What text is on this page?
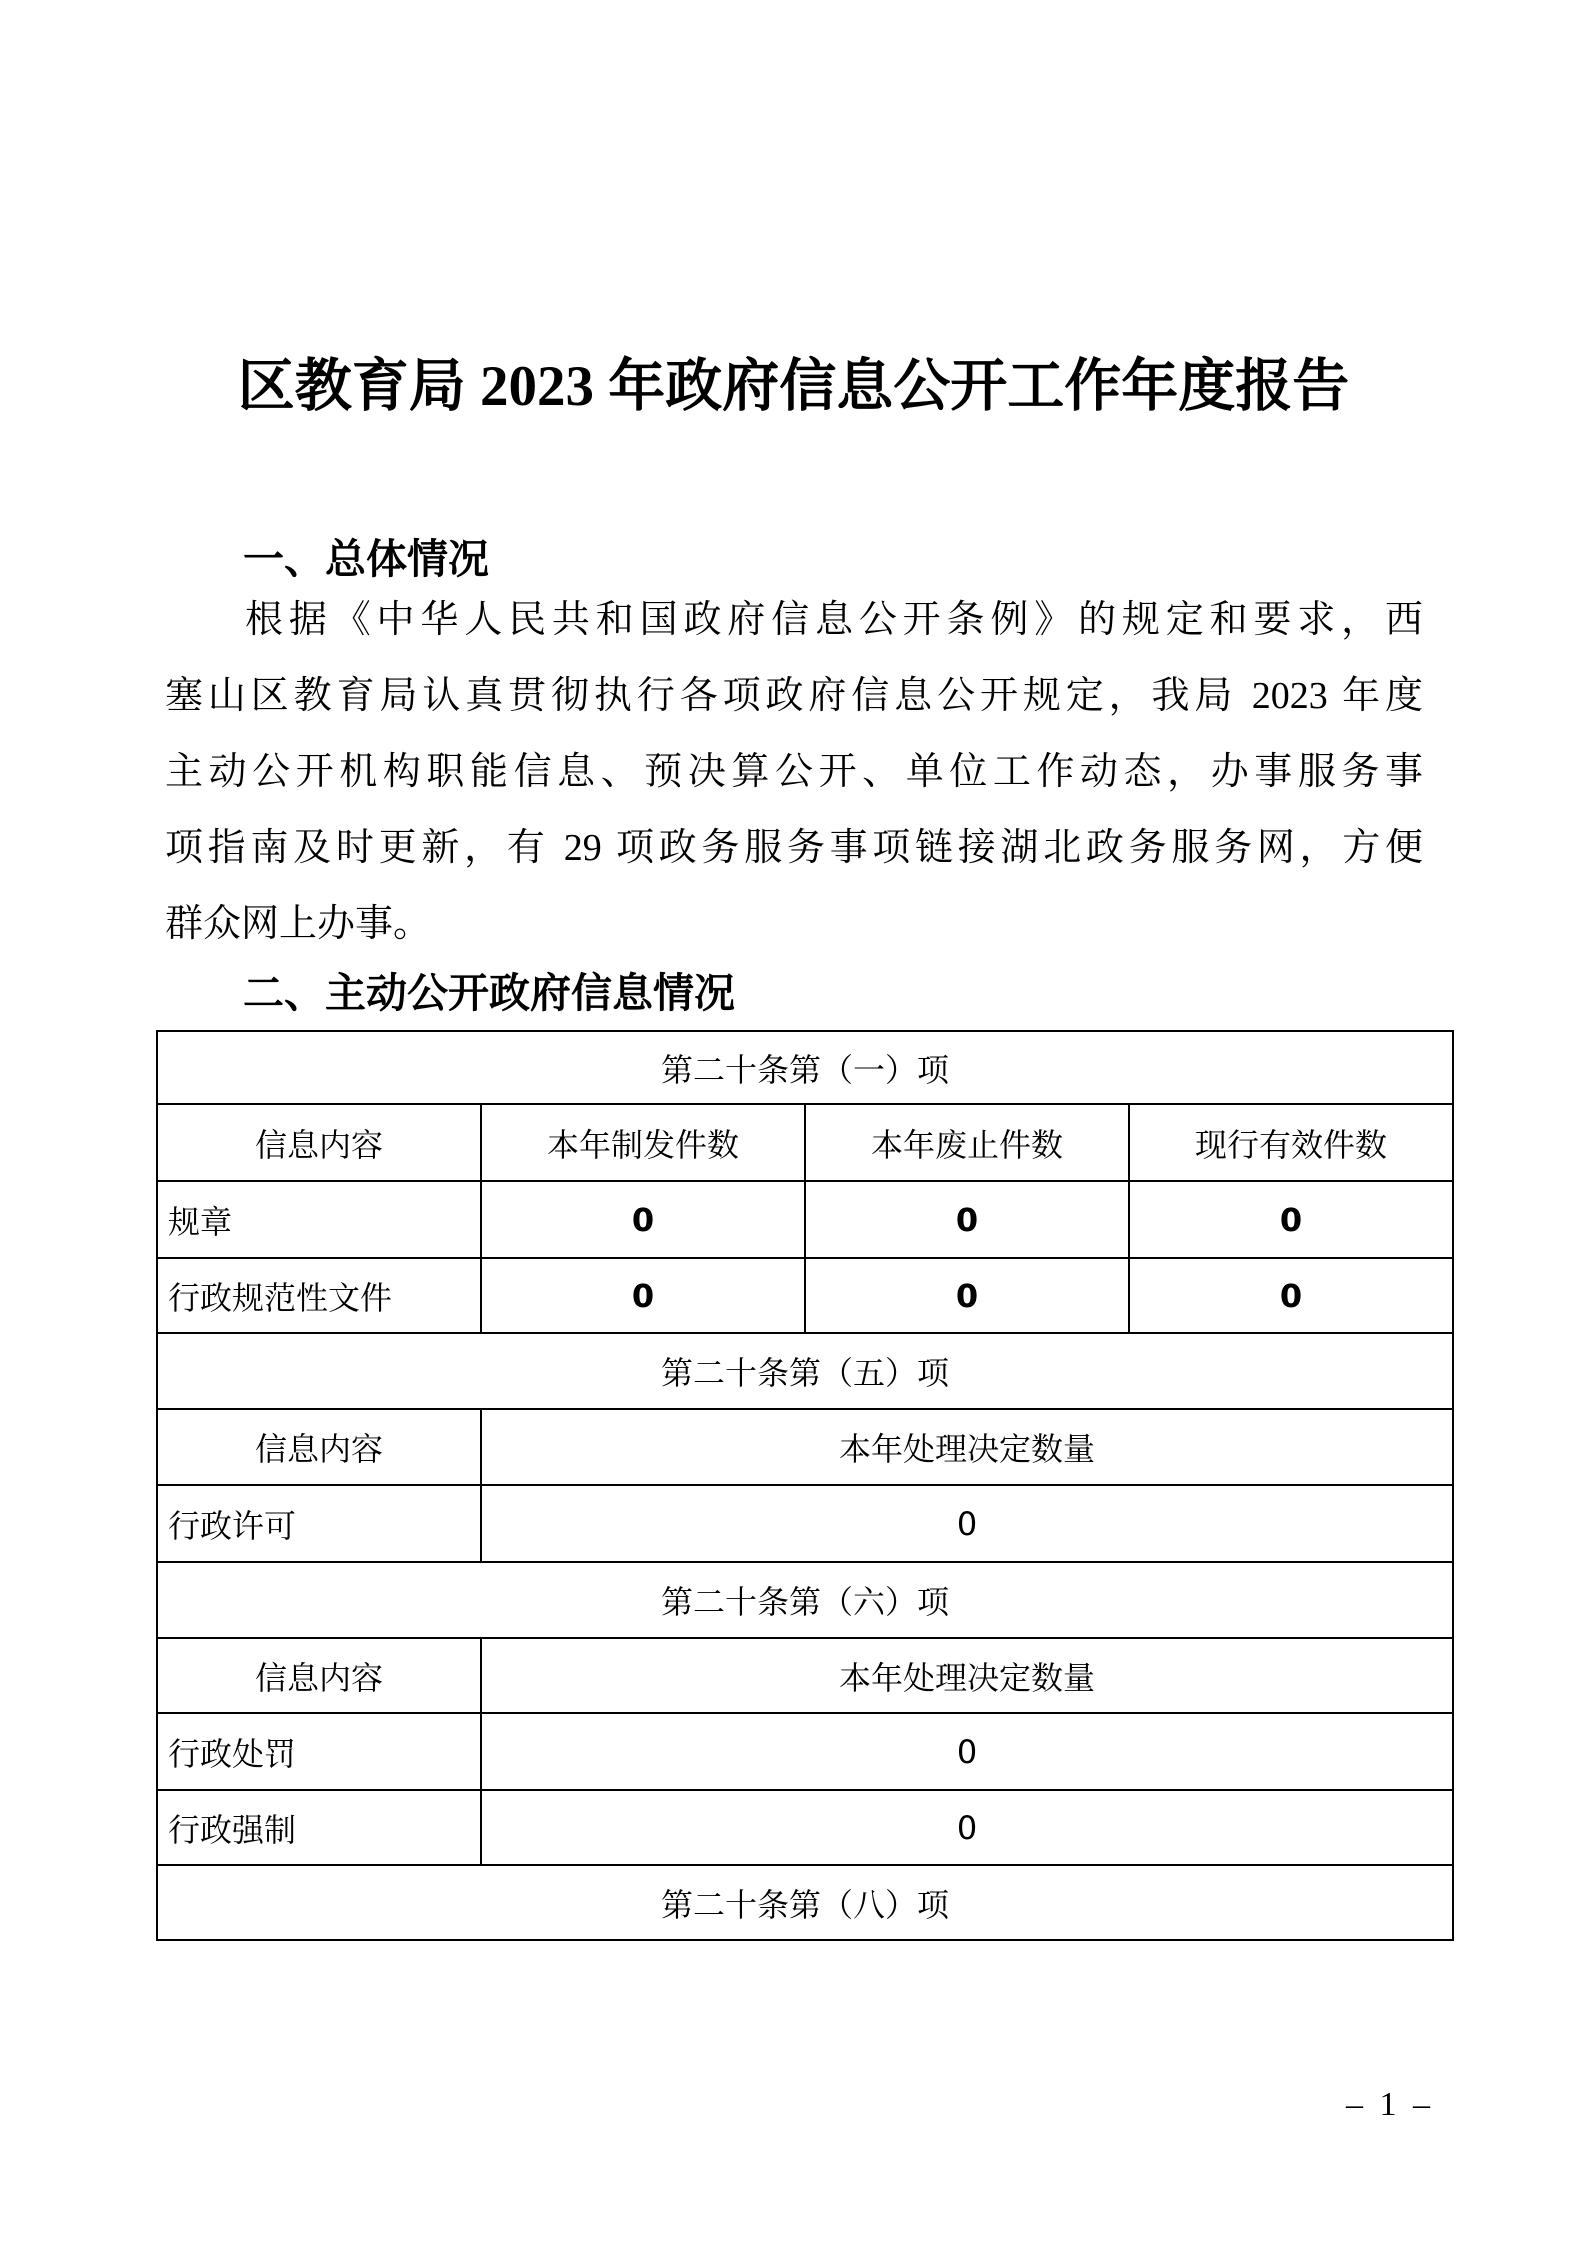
区教育局 2023 年政府信息公开工作年度报告
一、总体情况
根据《中华人民共和国政府信息公开条例》的规定和要求，西
塞山区教育局认真贯彻执行各项政府信息公开规定，我局 2023 年度
主动公开机构职能信息、预决算公开、单位工作动态，办事服务事
项指南及时更新，有 29 项政务服务事项链接湖北政务服务网，方便
群众网上办事。
二、主动公开政府信息情况
第二十条第（一）项			
信息内容	本年制发件数	本年废止件数	现行有效件数
规章	0	0	0
行政规范性文件	0	0	0
第二十条第（五）项			
信息内容	本年处理决定数量		
行政许可	0		
第二十条第（六）项			
信息内容	本年处理决定数量		
行政处罚	0		
行政强制	0		
第二十条第（八）项			
– 1 –
